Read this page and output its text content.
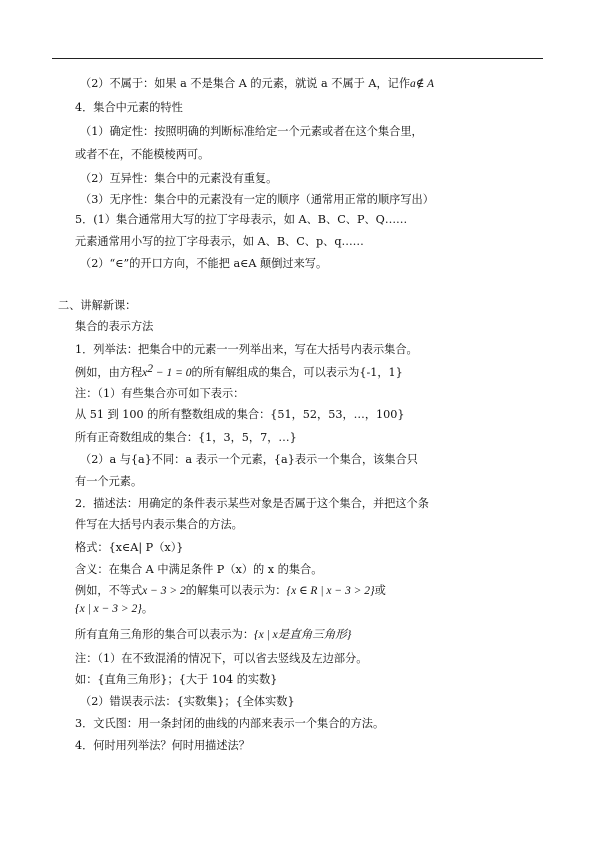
（2）不属于：如果 a 不是集合 A 的元素，就说 a 不属于 A，记作a∉ A
4．集合中元素的特性
（1）确定性：按照明确的判断标准给定一个元素或者在这个集合里，
或者不在，不能模棱两可。
（2）互异性：集合中的元素没有重复。
（3）无序性：集合中的元素没有一定的顺序（通常用正常的顺序写出）
5．(1）集合通常用大写的拉丁字母表示，如 A、B、C、P、Q……
元素通常用小写的拉丁字母表示，如 A、B、C、p、q……
（2）“∈”的开口方向，不能把 a∈A 颠倒过来写。
二、讲解新课：
集合的表示方法
1．列举法：把集合中的元素一一列举出来，写在大括号内表示集合。
例如，由方程$x^2 - 1 = 0$的所有解组成的集合，可以表示为{-1，1}
注：（1）有些集合亦可如下表示：
从 51 到 100 的所有整数组成的集合：{51，52，53，…，100}
所有正奇数组成的集合：{1，3，5，7，…}
（2）a 与{a}不同：a 表示一个元素，{a}表示一个集合，该集合只
有一个元素。
2．描述法：用确定的条件表示某些对象是否属于这个集合，并把这个条
件写在大括号内表示集合的方法。
格式：{x∈A| P（x）}
含义：在集合 A 中满足条件 P（x）的 x 的集合。
例如，不等式x − 3 > 2的解集可以表示为：{x ∈ R | x − 3 > 2}或
{x | x − 3 > 2}。
所有直角三角形的集合可以表示为：{x | x是直角三角形}
注：（1）在不致混淆的情况下，可以省去竖线及左边部分。
如：{直角三角形}；{大于 104 的实数}
（2）错误表示法：{实数集}；{全体实数}
3．文氏图：用一条封闭的曲线的内部来表示一个集合的方法。
4．何时用列举法？何时用描述法？
